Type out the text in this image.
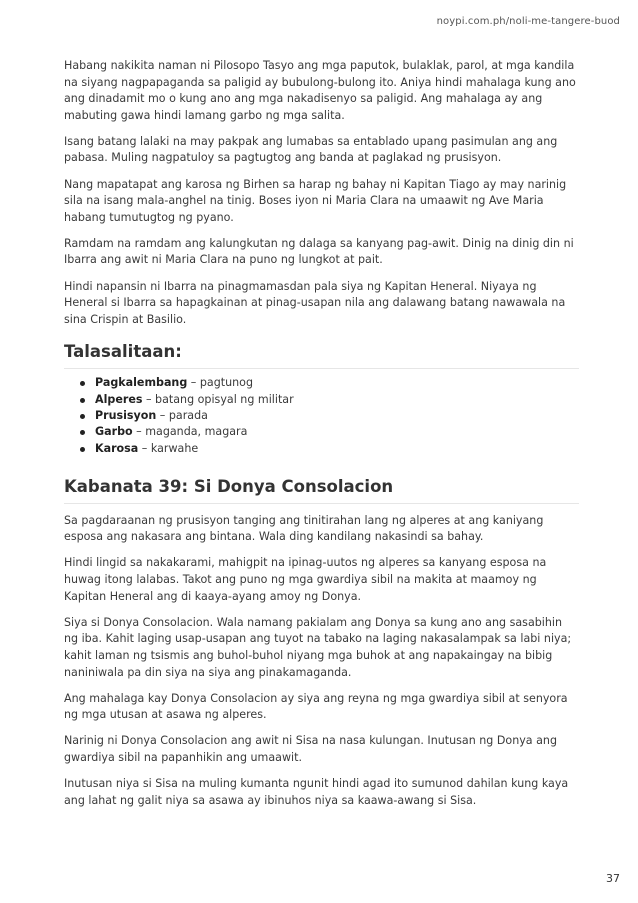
noypi.com.ph/noli-me-tangere-buod

Habang nakikita naman ni Pilosopo Tasyo ang mga paputok, bulaklak, parol, at mga kandila na siyang nagpapaganda sa paligid ay bubulong-bulong ito. Aniya hindi mahalaga kung ano ang dinadamit mo o kung ano ang mga nakadisenyo sa paligid. Ang mahalaga ay ang mabuting gawa hindi lamang garbo ng mga salita.

Isang batang lalaki na may pakpak ang lumabas sa entablado upang pasimulan ang ang pabasa. Muling nagpatuloy sa pagtugtog ang banda at paglakad ng prusisyon.

Nang mapatapat ang karosa ng Birhen sa harap ng bahay ni Kapitan Tiago ay may narinig sila na isang mala-anghel na tinig. Boses iyon ni Maria Clara na umaawit ng Ave Maria habang tumutugtog ng pyano.

Ramdam na ramdam ang kalungkutan ng dalaga sa kanyang pag-awit. Dinig na dinig din ni Ibarra ang awit ni Maria Clara na puno ng lungkot at pait.

Hindi napansin ni Ibarra na pinagmamasdan pala siya ng Kapitan Heneral. Niyaya ng Heneral si Ibarra sa hapagkainan at pinag-usapan nila ang dalawang batang nawawala na sina Crispin at Basilio.

Talasalitaan:
Pagkalembang – pagtunog
Alperes – batang opisyal ng militar
Prusisyon – parada
Garbo – maganda, magara
Karosa – karwahe
Kabanata 39: Si Donya Consolacion

Sa pagdaraanan ng prusisyon tanging ang tinitirahan lang ng alperes at ang kaniyang esposa ang nakasara ang bintana. Wala ding kandilang nakasindi sa bahay.

Hindi lingid sa nakakarami, mahigpit na ipinag-uutos ng alperes sa kanyang esposa na huwag itong lalabas. Takot ang puno ng mga gwardiya sibil na makita at maamoy ng Kapitan Heneral ang di kaaya-ayang amoy ng Donya.

Siya si Donya Consolacion. Wala namang pakialam ang Donya sa kung ano ang sasabihin ng iba. Kahit laging usap-usapan ang tuyot na tabako na laging nakasalampak sa labi niya; kahit laman ng tsismis ang buhol-buhol niyang mga buhok at ang napakaingay na bibig naniniwala pa din siya na siya ang pinakamaganda.

Ang mahalaga kay Donya Consolacion ay siya ang reyna ng mga gwardiya sibil at senyora ng mga utusan at asawa ng alperes.

Narinig ni Donya Consolacion ang awit ni Sisa na nasa kulungan. Inutusan ng Donya ang gwardiya sibil na papanhikin ang umaawit.

Inutusan niya si Sisa na muling kumanta ngunit hindi agad ito sumunod dahilan kung kaya ang lahat ng galit niya sa asawa ay ibinuhos niya sa kaawa-awang si Sisa.

37
